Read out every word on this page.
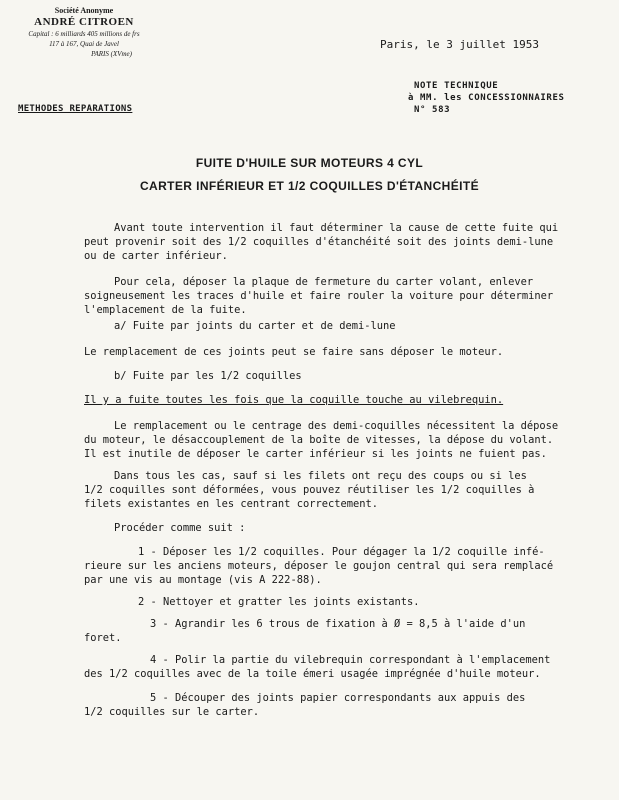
Société Anonyme
ANDRÉ CITROEN
Capital : 6 milliards 405 millions de frs
117 à 167, Quai de Javel
PARIS (XVme)
Paris, le 3 juillet 1953
NOTE TECHNIQUE
à MM. les CONCESSIONNAIRES
N° 583
METHODES REPARATIONS
FUITE D'HUILE SUR MOTEURS 4 CYL
CARTER INFÉRIEUR ET 1/2 COQUILLES D'ÉTANCHÉITÉ
Avant toute intervention il faut déterminer la cause de cette fuite qui
peut provenir soit des 1/2 coquilles d'étanchéité soit des joints demi-lune
ou de carter inférieur.
Pour cela, déposer la plaque de fermeture du carter volant, enlever
soigneusement les traces d'huile et faire rouler la voiture pour déterminer
l'emplacement de la fuite.
a/ Fuite par joints du carter et de demi-lune
Le remplacement de ces joints peut se faire sans déposer le moteur.
b/ Fuite par les 1/2 coquilles
Il y a fuite toutes les fois que la coquille touche au vilebrequin.
Le remplacement ou le centrage des demi-coquilles nécessitent la dépose
du moteur, le désaccouplement de la boîte de vitesses, la dépose du volant.
Il est inutile de déposer le carter inférieur si les joints ne fuient pas.
Dans tous les cas, sauf si les filets ont reçu des coups ou si les
1/2 coquilles sont déformées, vous pouvez réutiliser les 1/2 coquilles à
filets existantes en les centrant correctement.
Procéder comme suit :
1 - Déposer les 1/2 coquilles. Pour dégager la 1/2 coquille infé-
rieure sur les anciens moteurs, déposer le goujon central qui sera remplacé
par une vis au montage (vis A 222-88).
2 - Nettoyer et gratter les joints existants.
3 - Agrandir les 6 trous de fixation à Ø = 8,5 à l'aide d'un
foret.
4 - Polir la partie du vilebrequin correspondant à l'emplacement
des 1/2 coquilles avec de la toile émeri usagée imprégnée d'huile moteur.
5 - Découper des joints papier correspondants aux appuis des
1/2 coquilles sur le carter.
